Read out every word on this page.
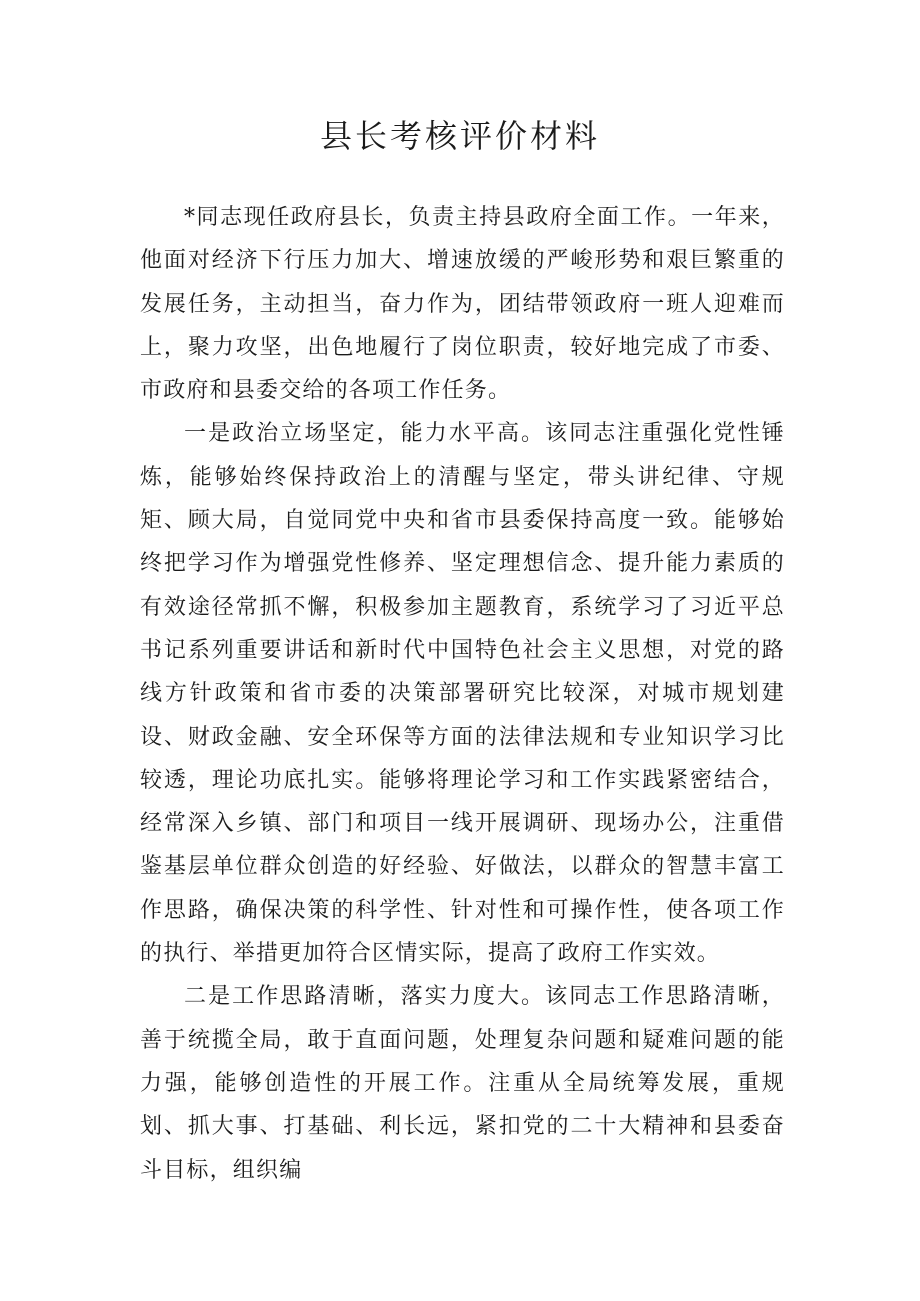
县长考核评价材料

*同志现任政府县长，负责主持县政府全面工作。一年来，他面对经济下行压力加大、增速放缓的严峻形势和艰巨繁重的发展任务，主动担当，奋力作为，团结带领政府一班人迎难而上，聚力攻坚，出色地履行了岗位职责，较好地完成了市委、市政府和县委交给的各项工作任务。

一是政治立场坚定，能力水平高。该同志注重强化党性锤炼，能够始终保持政治上的清醒与坚定，带头讲纪律、守规矩、顾大局，自觉同党中央和省市县委保持高度一致。能够始终把学习作为增强党性修养、坚定理想信念、提升能力素质的有效途径常抓不懈，积极参加主题教育，系统学习了习近平总书记系列重要讲话和新时代中国特色社会主义思想，对党的路线方针政策和省市委的决策部署研究比较深，对城市规划建设、财政金融、安全环保等方面的法律法规和专业知识学习比较透，理论功底扎实。能够将理论学习和工作实践紧密结合，经常深入乡镇、部门和项目一线开展调研、现场办公，注重借鉴基层单位群众创造的好经验、好做法，以群众的智慧丰富工作思路，确保决策的科学性、针对性和可操作性，使各项工作的执行、举措更加符合区情实际，提高了政府工作实效。

二是工作思路清晰，落实力度大。该同志工作思路清晰，善于统揽全局，敢于直面问题，处理复杂问题和疑难问题的能力强，能够创造性的开展工作。注重从全局统筹发展，重规划、抓大事、打基础、利长远，紧扣党的二十大精神和县委奋斗目标，组织编
